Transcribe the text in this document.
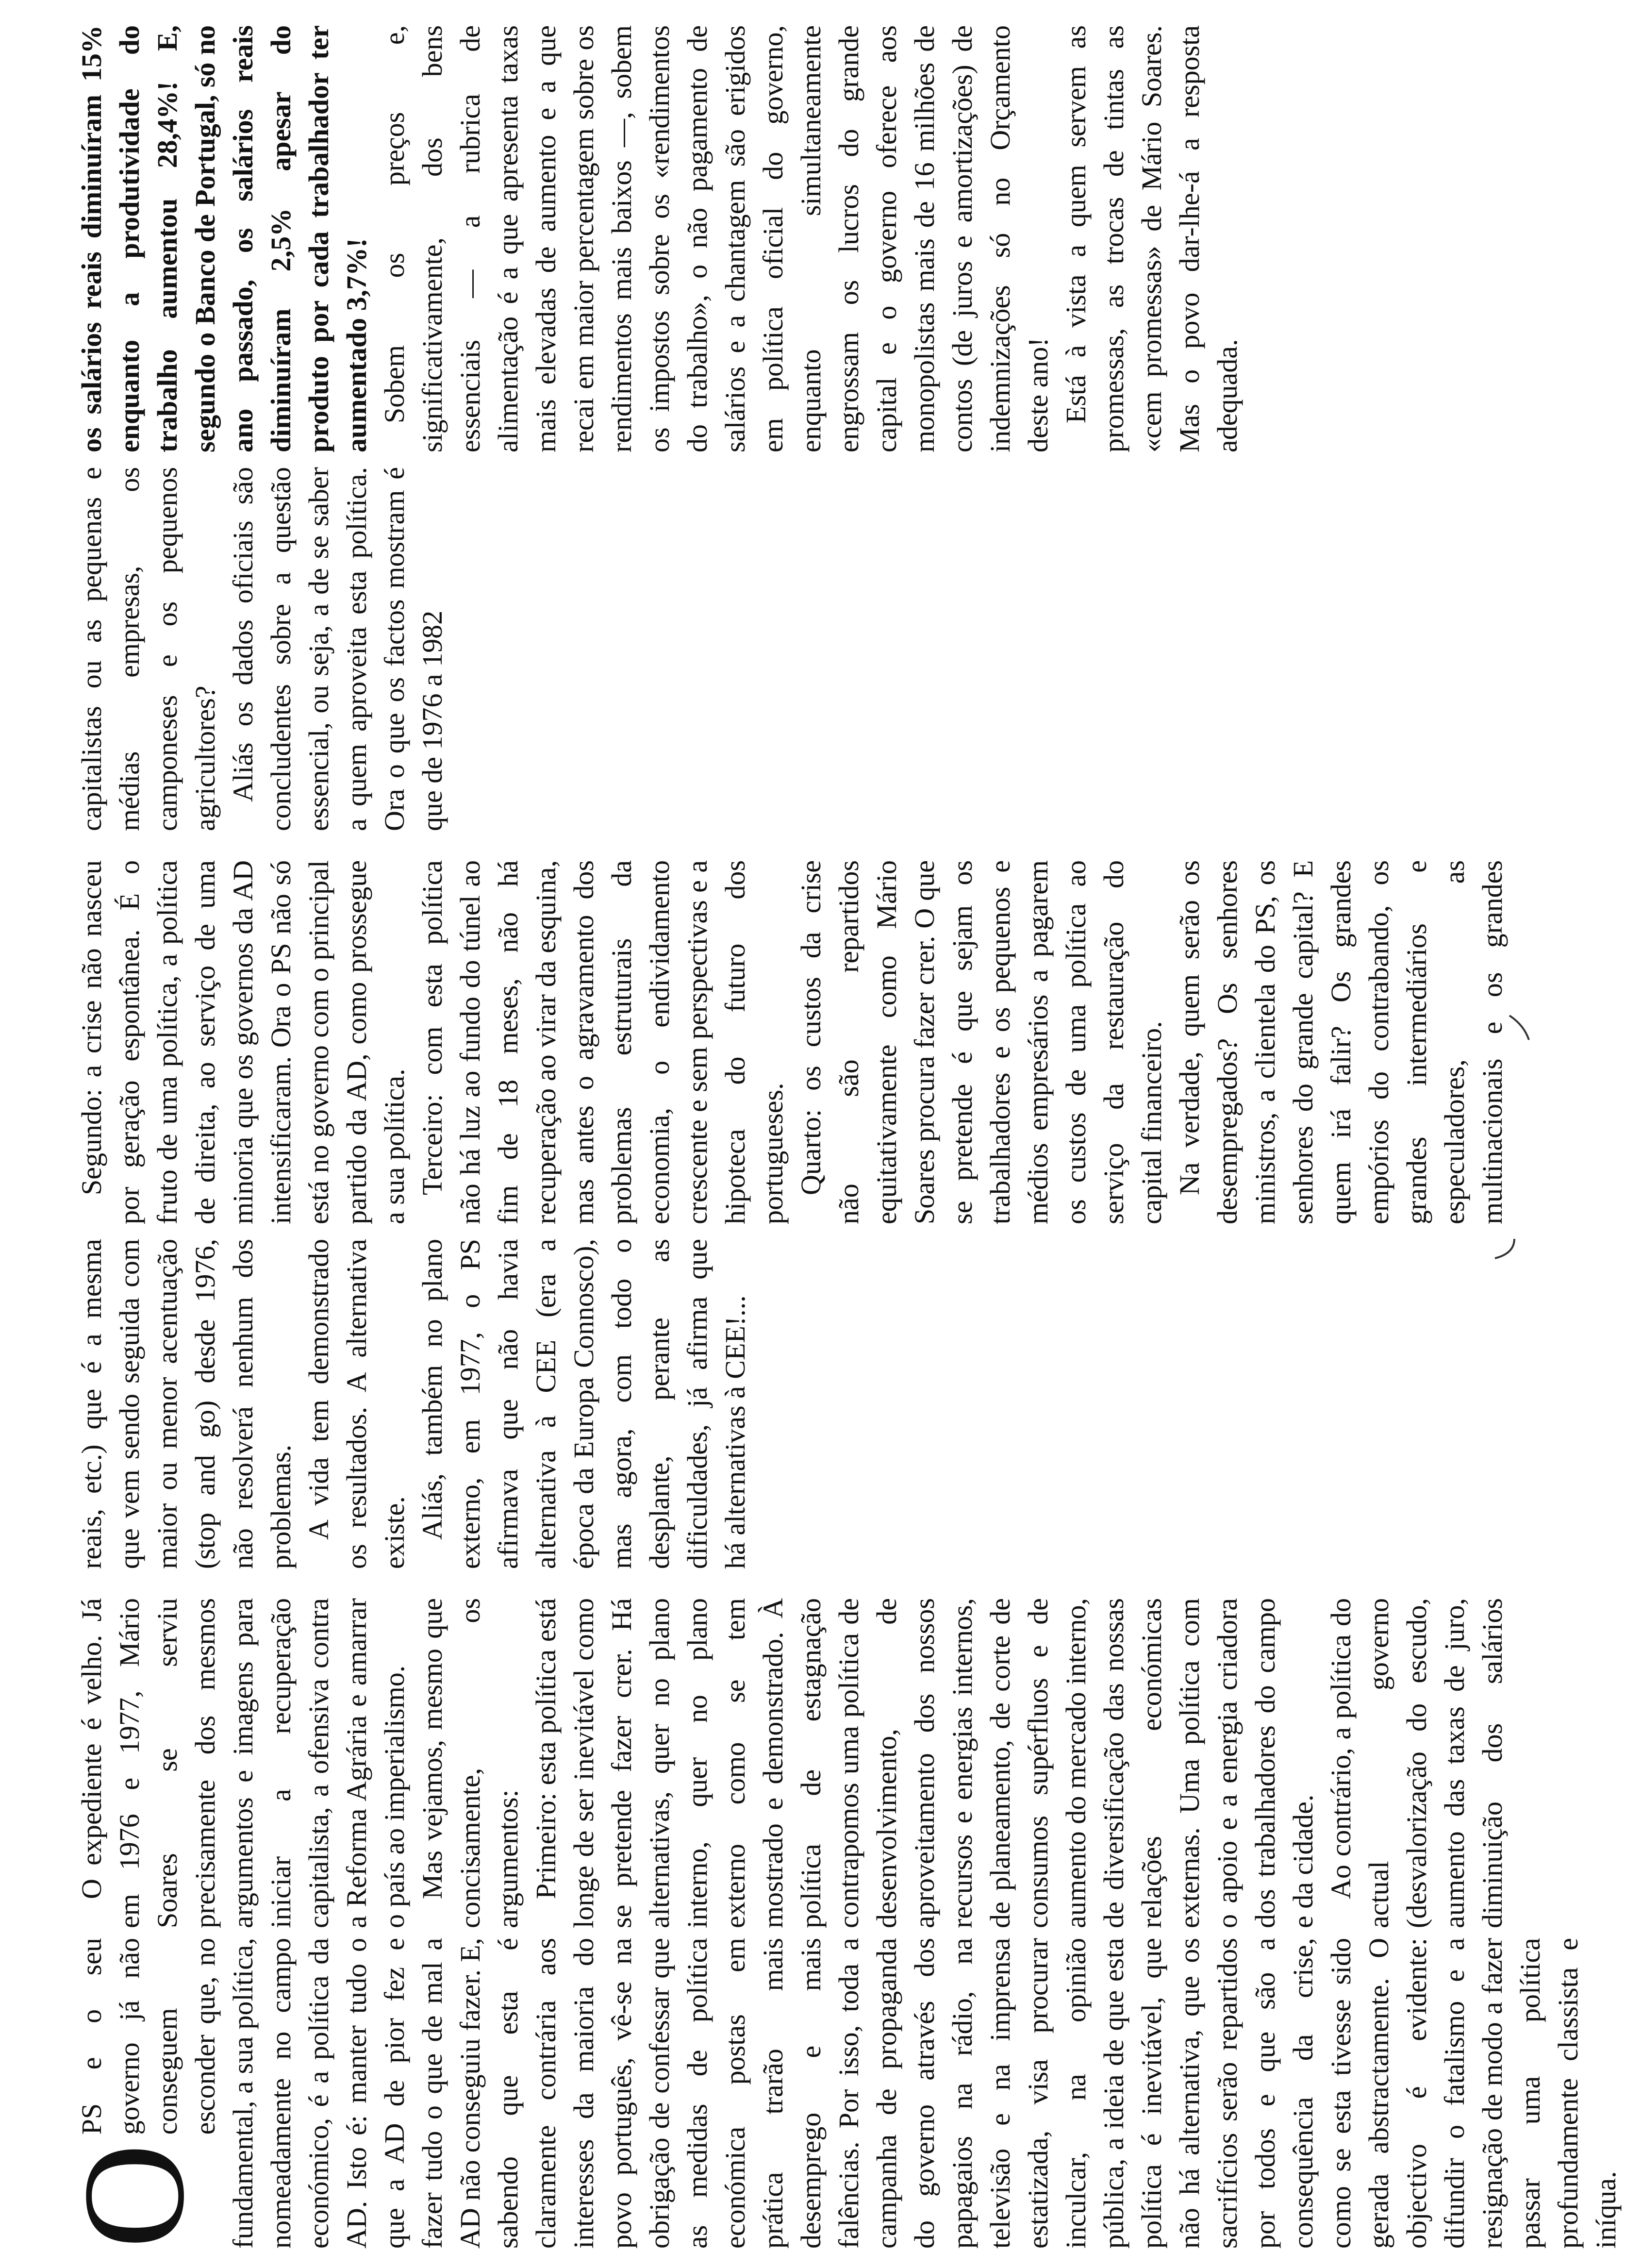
O

PS e o seu governo já não conseguem esconder que, no fundamental, a sua política, nomeadamente no campo económico, é a política da AD. Isto é: manter tudo o que a AD de pior fez e fazer tudo o que de mal a AD não conseguiu fazer. E, sabendo que esta é claramente contrária aos interesses da maioria do povo português, vê-se na obrigação de confessar que as medidas de política económica postas em prática trarão mais desemprego e mais falências. Por isso, toda a campanha de propaganda do governo através dos papagaios na rádio, na televisão e na imprensa estatizada, visa procurar inculcar, na opinião pública, a ideia de que esta política é inevitável, que não há alternativa, que os sacrifícios serão repartidos por todos e que são a consequência da crise, como se esta tivesse sido gerada abstractamente. O objectivo é evidente: difundir o fatalismo e a resignação de modo a fazer passar uma política profundamente classista e iníqua.

O expediente é velho. Já em 1976 e 1977, Mário Soares se serviu precisamente dos mesmos argumentos e imagens para iniciar a recuperação capitalista, a ofensiva contra a Reforma Agrária e amarrar o país ao imperialismo. Mas vejamos, mesmo que concisamente, os argumentos: Primeiro: esta política está longe de ser inevitável como se pretende fazer crer. Há alternativas, quer no plano interno, quer no plano externo como se tem mostrado e demonstrado. À política de estagnação contrapomos uma política de desenvolvimento, de aproveitamento dos nossos recursos e energias internos, de planeamento, de corte de consumos supérfluos e de aumento do mercado interno, de diversificação das nossas relações económicas externas. Uma política com o apoio e a energia criadora dos trabalhadores do campo e da cidade. Ao contrário, a política do actual governo (desvalorização do escudo, aumento das taxas de juro, diminuição dos salários reais, etc.) que é a mesma que vem sendo seguida com maior ou menor acentuação (stop and go) desde 1976, não resolverá nenhum dos problemas. A vida tem demonstrado os resultados. A alternativa existe. Aliás, também no plano externo, em 1977, o PS afirmava que não havia alternativa à CEE (era a época da Europa Connosco), mas agora, com todo o desplante, perante as dificuldades, já afirma que há alternativas à CEE!...

Segundo: a crise não nasceu por geração espontânea. É o fruto de uma política, a política de direita, ao serviço de uma minoria que os governos da AD intensificaram. Ora o PS não só está no governo com o principal partido da AD, como prossegue a sua política. Terceiro: com esta política não há luz ao fundo do túnel ao fim de 18 meses, não há recuperação ao virar da esquina, mas antes o agravamento dos problemas estruturais da economia, o endividamento crescente e sem perspectivas e a hipoteca do futuro dos portugueses. Quarto: os custos da crise não são repartidos equitativamente como Mário Soares procura fazer crer. O que se pretende é que sejam os trabalhadores e os pequenos e médios empresários a pagarem os custos de uma política ao serviço da restauração do capital financeiro. Na verdade, quem serão os desempregados? Os senhores ministros, a clientela do PS, os senhores do grande capital? E quem irá falir? Os grandes empórios do contrabando, os grandes intermediários e especuladores, as multinacionais e os grandes capitalistas ou as pequenas e médias empresas, os camponeses e os pequenos agricultores? Aliás os dados oficiais são concludentes sobre a questão essencial, ou seja, a de se saber a quem aproveita esta política. Ora o que os factos mostram é que de 1976 a 1982

os salários reais diminuíram 15% enquanto a produtividade do trabalho aumentou 28,4%! E, segundo o Banco de Portugal, só no ano passado, os salários reais diminuíram 2,5% apesar do produto por cada trabalhador ter aumentado 3,7%! Sobem os preços e, significativamente, dos bens essenciais — a rubrica de alimentação é a que apresenta taxas mais elevadas de aumento e a que recai em maior percentagem sobre os rendimentos mais baixos —, sobem os impostos sobre os «rendimentos do trabalho», o não pagamento de salários e a chantagem são erigidos em política oficial do governo, enquanto simultaneamente engrossam os lucros do grande capital e o governo oferece aos monopolistas mais de 16 milhões de contos (de juros e amortizações) de indemnizações só no Orçamento deste ano! Está à vista a quem servem as promessas, as trocas de tintas as «cem promessas» de Mário Soares. Mas o povo dar-lhe-á a resposta adequada.
